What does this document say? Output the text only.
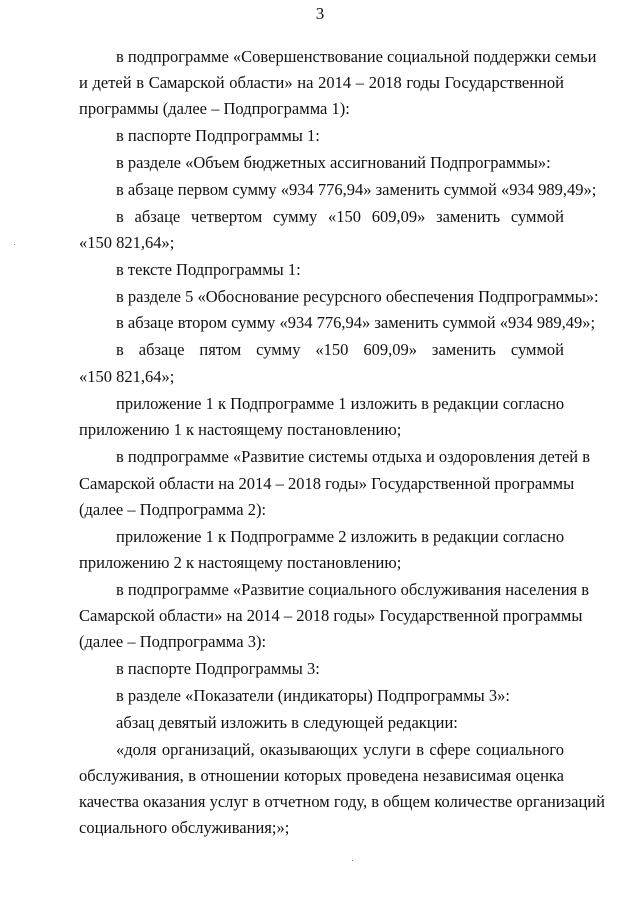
3
в подпрограмме «Совершенствование социальной поддержки семьи
и детей в Самарской области» на 2014 – 2018 годы Государственной
программы (далее – Подпрограмма 1):
в паспорте Подпрограммы 1:
в разделе «Объем бюджетных ассигнований Подпрограммы»:
в абзаце первом сумму «934 776,94» заменить суммой «934 989,49»;
в абзаце четвертом сумму «150 609,09» заменить суммой
«150 821,64»;
в тексте Подпрограммы 1:
в разделе 5 «Обоснование ресурсного обеспечения Подпрограммы»:
в абзаце втором сумму «934 776,94» заменить суммой «934 989,49»;
в абзаце пятом сумму «150 609,09» заменить суммой
«150 821,64»;
приложение 1 к Подпрограмме 1 изложить в редакции согласно
приложению 1 к настоящему постановлению;
в подпрограмме «Развитие системы отдыха и оздоровления детей в
Самарской области на 2014 – 2018 годы» Государственной программы
(далее – Подпрограмма 2):
приложение 1 к Подпрограмме 2 изложить в редакции согласно
приложению 2 к настоящему постановлению;
в подпрограмме «Развитие социального обслуживания населения в
Самарской области» на 2014 – 2018 годы» Государственной программы
(далее – Подпрограмма 3):
в паспорте Подпрограммы 3:
в разделе «Показатели (индикаторы) Подпрограммы 3»:
абзац девятый изложить в следующей редакции:
«доля организаций, оказывающих услуги в сфере социального
обслуживания, в отношении которых проведена независимая оценка
качества оказания услуг в отчетном году, в общем количестве организаций
социального обслуживания;»;
